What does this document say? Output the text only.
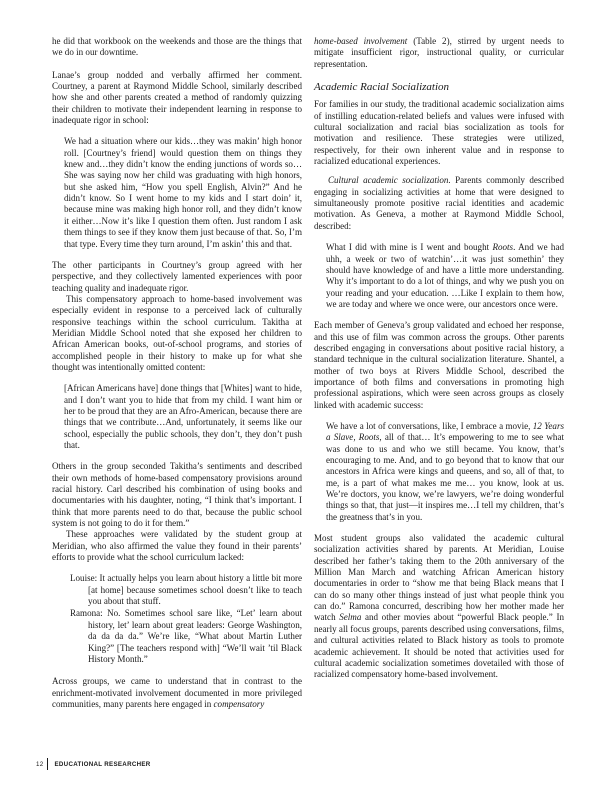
he did that workbook on the weekends and those are the things that we do in our downtime.

Lanae’s group nodded and verbally affirmed her comment. Courtney, a parent at Raymond Middle School, similarly described how she and other parents created a method of randomly quizzing their children to motivate their independent learning in response to inadequate rigor in school:

We had a situation where our kids…they was makin’ high honor roll. [Courtney’s friend] would question them on things they knew and…they didn’t know the ending junctions of words so…She was saying now her child was graduating with high honors, but she asked him, “How you spell English, Alvin?” And he didn’t know. So I went home to my kids and I start doin’ it, because mine was making high honor roll, and they didn’t know it either…Now it’s like I question them often. Just random I ask them things to see if they know them just because of that. So, I’m that type. Every time they turn around, I’m askin’ this and that.

The other participants in Courtney’s group agreed with her perspective, and they collectively lamented experiences with poor teaching quality and inadequate rigor.

This compensatory approach to home-based involvement was especially evident in response to a perceived lack of culturally responsive teachings within the school curriculum. Takitha at Meridian Middle School noted that she exposed her children to African American books, out-of-school programs, and stories of accomplished people in their history to make up for what she thought was intentionally omitted content:

[African Americans have] done things that [Whites] want to hide, and I don’t want you to hide that from my child. I want him or her to be proud that they are an Afro-American, because there are things that we contribute…And, unfortunately, it seems like our school, especially the public schools, they don’t, they don’t push that.

Others in the group seconded Takitha’s sentiments and described their own methods of home-based compensatory provisions around racial history. Carl described his combination of using books and documentaries with his daughter, noting, “I think that’s important. I think that more parents need to do that, because the public school system is not going to do it for them.”

These approaches were validated by the student group at Meridian, who also affirmed the value they found in their parents’ efforts to provide what the school curriculum lacked:

Louise: It actually helps you learn about history a little bit more [at home] because sometimes school doesn’t like to teach you about that stuff.

Ramona: No. Sometimes school sare like, “Let’ learn about history, let’ learn about great leaders: George Washington, da da da da.” We’re like, “What about Martin Luther King?” [The teachers respond with] “We’ll wait ’til Black History Month.”

Across groups, we came to understand that in contrast to the enrichment-motivated involvement documented in more privileged communities, many parents here engaged in compensatory

home-based involvement (Table 2), stirred by urgent needs to mitigate insufficient rigor, instructional quality, or curricular representation.

Academic Racial Socialization

For families in our study, the traditional academic socialization aims of instilling education-related beliefs and values were infused with cultural socialization and racial bias socialization as tools for motivation and resilience. These strategies were utilized, respectively, for their own inherent value and in response to racialized educational experiences.

Cultural academic socialization. Parents commonly described engaging in socializing activities at home that were designed to simultaneously promote positive racial identities and academic motivation. As Geneva, a mother at Raymond Middle School, described:

What I did with mine is I went and bought Roots. And we had uhh, a week or two of watchin’…it was just somethin’ they should have knowledge of and have a little more understanding. Why it’s important to do a lot of things, and why we push you on your reading and your education. …Like I explain to them how, we are today and where we once were, our ancestors once were.

Each member of Geneva’s group validated and echoed her response, and this use of film was common across the groups. Other parents described engaging in conversations about positive racial history, a standard technique in the cultural socialization literature. Shantel, a mother of two boys at Rivers Middle School, described the importance of both films and conversations in promoting high professional aspirations, which were seen across groups as closely linked with academic success:

We have a lot of conversations, like, I embrace a movie, 12 Years a Slave, Roots, all of that… It’s empowering to me to see what was done to us and who we still became. You know, that’s encouraging to me. And, and to go beyond that to know that our ancestors in Africa were kings and queens, and so, all of that, to me, is a part of what makes me me… you know, look at us. We’re doctors, you know, we’re lawyers, we’re doing wonderful things so that, that just—it inspires me…I tell my children, that’s the greatness that’s in you.

Most student groups also validated the academic cultural socialization activities shared by parents. At Meridian, Louise described her father’s taking them to the 20th anniversary of the Million Man March and watching African American history documentaries in order to “show me that being Black means that I can do so many other things instead of just what people think you can do.” Ramona concurred, describing how her mother made her watch Selma and other movies about “powerful Black people.” In nearly all focus groups, parents described using conversations, films, and cultural activities related to Black history as tools to promote academic achievement. It should be noted that activities used for cultural academic socialization sometimes dovetailed with those of racialized compensatory home-based involvement.

12 EDUCATIONAL RESEARCHER
